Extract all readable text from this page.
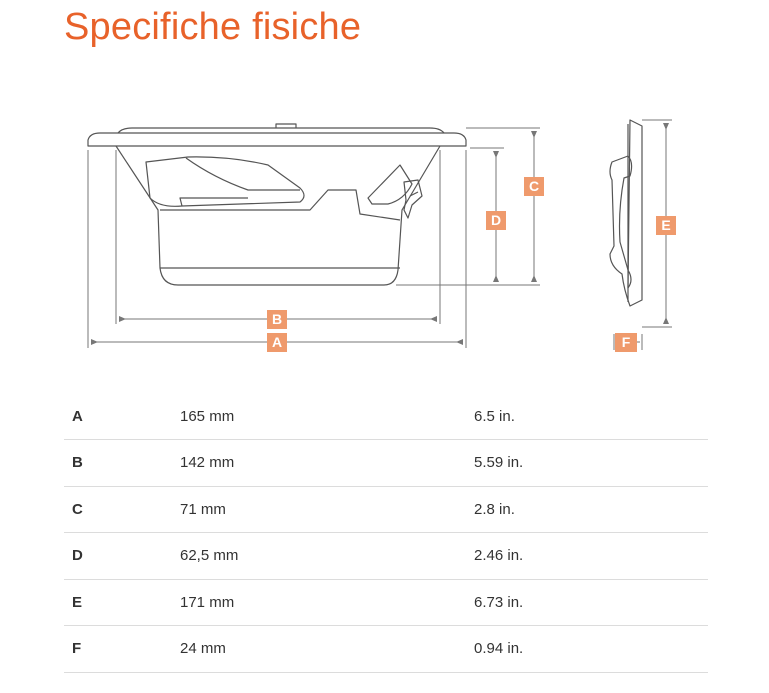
Specifiche fisiche
A
B
C
D	E
F
A	165 mm	6.5 in.
B	142 mm	5.59 in.
C	71 mm	2.8 in.
D	62,5 mm	2.46 in.
E	171 mm	6.73 in.
F	24 mm	0.94 in.
